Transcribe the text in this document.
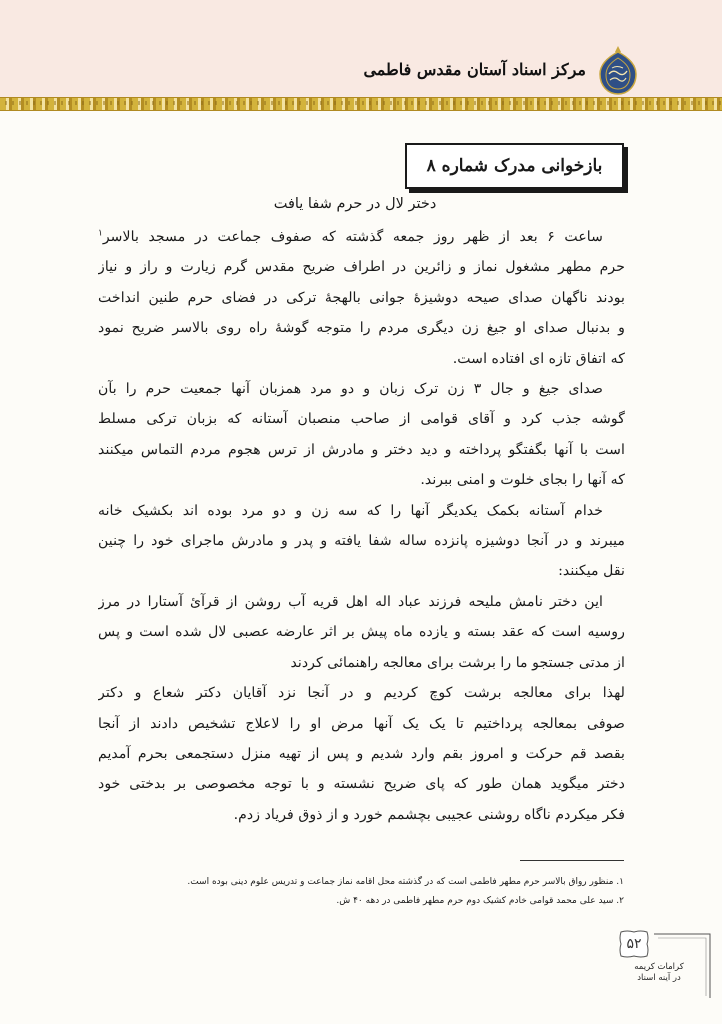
مرکز اسناد آستان مقدس فاطمی
بازخوانی مدرک شماره ۸
دختر لال در حرم شفا یافت

ساعت ۶ بعد از ظهر روز جمعه گذشته که صفوف جماعت در مسجد بالاسر$^۱$
حرم مطهر مشغول نماز و زائرین در اطراف ضریح مقدس گرم زیارت و راز و نیاز
بودند ناگهان صدای صیحه دوشیزهٔ جوانی بالهجهٔ ترکی در فضای حرم طنین انداخت
و بدنبال صدای او جیغ زن دیگری مردم را متوجه گوشهٔ راه روی بالاسر ضریح نمود
که اتفاق تازه ای افتاده است.

صدای جیغ و جال ۳ زن ترک زبان و دو مرد همزبان آنها جمعیت حرم را بآن
گوشه جذب کرد و آقای قوامی از صاحب منصبان آستانه که بزبان ترکی مسلط
است با آنها بگفتگو پرداخته و دید دختر و مادرش از ترس هجوم مردم التماس میکنند
که آنها را بجای خلوت و امنی ببرند.

خدام آستانه بکمک یکدیگر آنها را که سه زن و دو مرد بوده اند بکشیک خانه
میبرند و در آنجا دوشیزه پانزده ساله شفا یافته و پدر و مادرش ماجرای خود را چنین
نقل میکنند:

این دختر نامش ملیحه فرزند عباد اله اهل قریه آب روشن از قرآئ آستارا در مرز
روسیه است که عقد بسته و یازده ماه پیش بر اثر عارضه عصبی لال شده است و پس
از مدتی جستجو ما را برشت برای معالجه راهنمائی کردند

لهذا برای معالجه برشت کوچ کردیم و در آنجا نزد آقایان دکتر شعاع و دکتر
صوفی بمعالجه پرداختیم تا یک یک آنها مرض او را لاعلاج تشخیص دادند از آنجا
بقصد قم حرکت و امروز بقم وارد شدیم و پس از تهیه منزل دستجمعی بحرم آمدیم
دختر میگوید همان طور که پای ضریح نشسته و با توجه مخصوصی بر بدختی خود
فکر میکردم ناگاه روشنی عجیبی بچشمم خورد و از ذوق فریاد زدم.

۱. منظور رواق بالاسر حرم مطهر فاطمی است که در گذشته محل اقامه نماز جماعت و تدریس علوم دینی بوده است.
۲. سید علی محمد قوامی خادم کشیک دوم حرم مطهر فاطمی در دهه ۴۰ ش.
۵۲
کرامات کریمه
در آینه اسناد
